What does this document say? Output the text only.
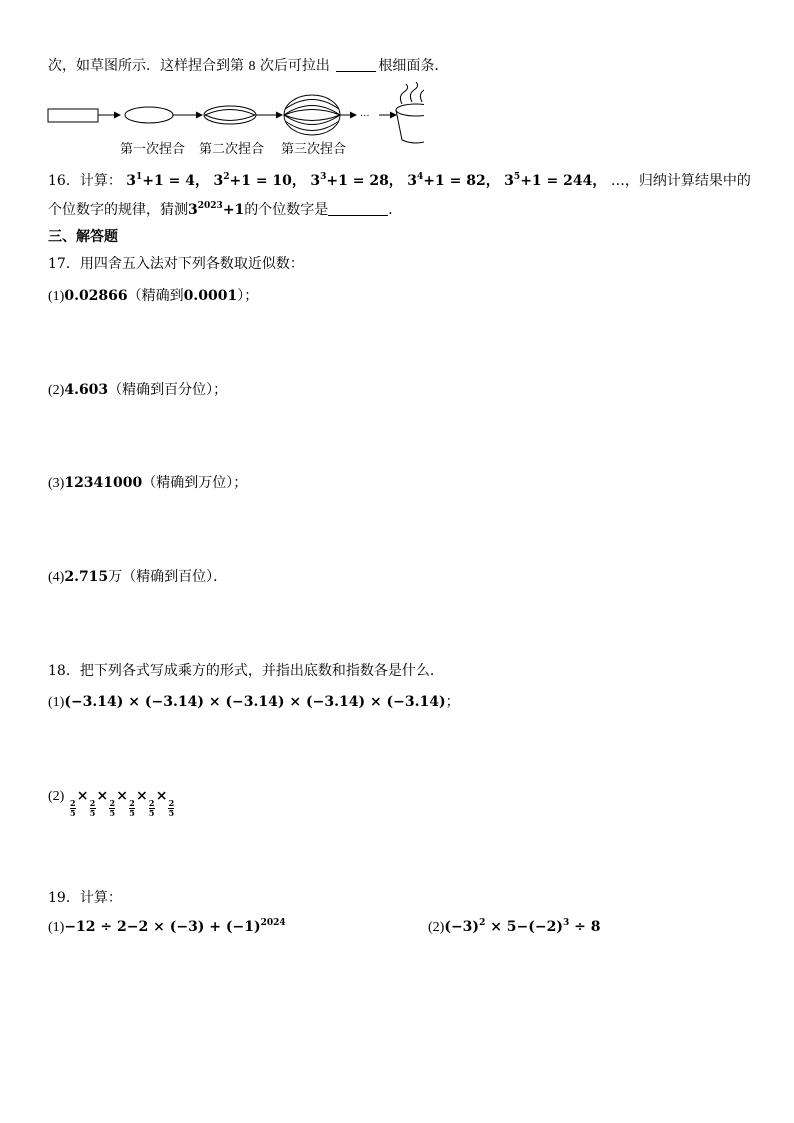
次，如草图所示．这样捏合到第 8 次后可拉出	根细面条．
···
第一次捏合 第二次捏合 第三次捏合
16．计算： $3^1+1 = 4$， $3^2+1 = 10$， $3^3+1 = 28$， $3^4+1 = 82$， $3^5+1 = 244$， …，归纳计算结果中的
个位数字的规律，猜测$3^{2023}+1$的个位数字是	．
三、解答题
17．用四舍五入法对下列各数取近似数：
(1)0.02866（精确到0.0001）；
(2)4.603（精确到百分位）；
(3)12341000（精确到万位）；
(4)2.715万（精确到百位）．
18．把下列各式写成乘方的形式，并指出底数和指数各是什么．
(1)(−3.14) × (−3.14) × (−3.14) × (−3.14) × (−3.14)；
(2)
$\frac{2}{5}$
×
$\frac{2}{5}$
×
$\frac{2}{5}$
×
$\frac{2}{5}$
×
$\frac{2}{5}$
×
$\frac{2}{5}$
19．计算：
$(1)-12 \div 2-2 \times (-3) + (-1)^{2024}$	$(2)(-3)^2 \times 5-(-2)^3 \div 8$
